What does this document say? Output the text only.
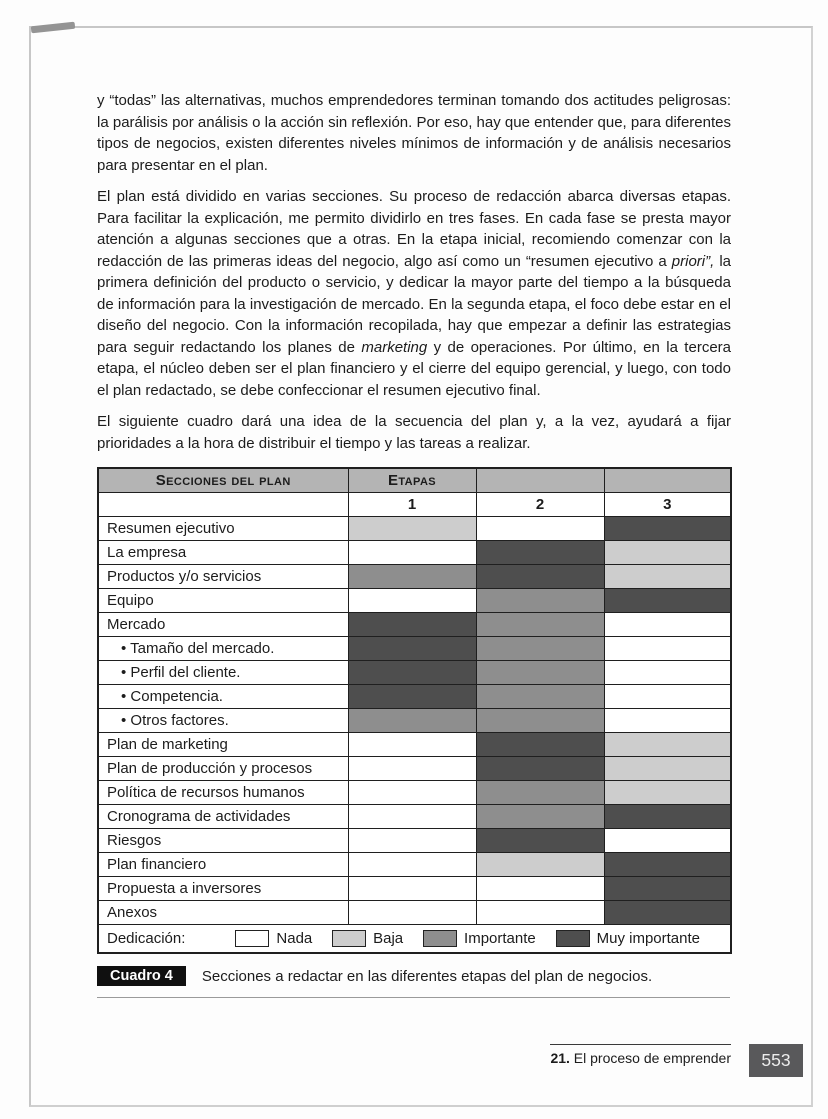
y “todas” las alternativas, muchos emprendedores terminan tomando dos actitudes peligrosas: la parálisis por análisis o la acción sin reflexión. Por eso, hay que entender que, para diferentes tipos de negocios, existen diferentes niveles mínimos de información y de análisis necesarios para presentar en el plan.

El plan está dividido en varias secciones. Su proceso de redacción abarca diversas etapas. Para facilitar la explicación, me permito dividirlo en tres fases. En cada fase se presta mayor atención a algunas secciones que a otras. En la etapa inicial, recomiendo comenzar con la redacción de las primeras ideas del negocio, algo así como un “resumen ejecutivo a priori”, la primera definición del producto o servicio, y dedicar la mayor parte del tiempo a la búsqueda de información para la investigación de mercado. En la segunda etapa, el foco debe estar en el diseño del negocio. Con la información recopilada, hay que empezar a definir las estrategias para seguir redactando los planes de marketing y de operaciones. Por último, en la tercera etapa, el núcleo deben ser el plan financiero y el cierre del equipo gerencial, y luego, con todo el plan redactado, se debe confeccionar el resumen ejecutivo final.

El siguiente cuadro dará una idea de la secuencia del plan y, a la vez, ayudará a fijar prioridades a la hora de distribuir el tiempo y las tareas a realizar.

Secciones del plan	Etapas		
	1	2	3
Resumen ejecutivo			
La empresa			
Productos y/o servicios			
Equipo			
Mercado			
• Tamaño del mercado.			
• Perfil del cliente.			
• Competencia.			
• Otros factores.			
Plan de marketing			
Plan de producción y procesos			
Política de recursos humanos			
Cronograma de actividades			
Riesgos			
Plan financiero			
Propuesta a inversores			
Anexos			

Dedicación: Nada Baja Importante Muy importante			
Cuadro 4	Secciones a redactar en las diferentes etapas del plan de negocios.
21. El proceso de emprender	553
